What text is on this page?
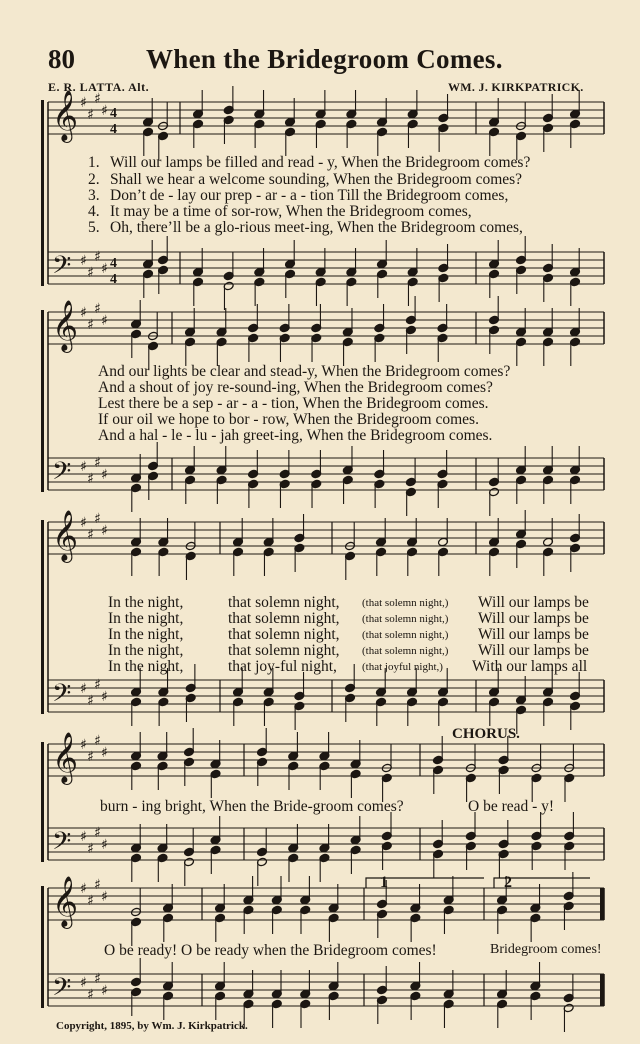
𝄞
𝄢
♯
♯
♯
♯
♯
♯
♯
♯
4
4
4
4
𝄞
𝄢
♯
♯
♯
♯
♯
♯
♯
♯
𝄞
𝄢
♯
♯
♯
♯
♯
♯
♯
♯
𝄞
𝄢
♯
♯
♯
♯
♯
♯
♯
♯
𝄞
𝄢
♯
♯
♯
♯
♯
♯
♯
♯
80	When the Bridegroom Comes.
E. R. LATTA. Alt.	WM. J. KIRKPATRICK.
1. Will our lamps be filled and read - y, When the Bridegroom comes?
2. Shall we hear a welcome sounding, When the Bridegroom comes?
3. Don’t de - lay our prep - ar - a - tion Till the Bridegroom comes,
4. It may be a time of sor-row, When the Bridegroom comes,
5. Oh, there’ll be a glo-rious meet-ing, When the Bridegroom comes,
And our lights be clear and stead-y, When the Bridegroom comes?
And a shout of joy re-sound-ing, When the Bridegroom comes?
Lest there be a sep - ar - a - tion, When the Bridegroom comes.
If our oil we hope to bor - row, When the Bridegroom comes.
And a hal - le - lu - jah greet-ing, When the Bridegroom comes.
In the night,	that solemn night, (that solemn night,) Will our lamps be
In the night,	that solemn night, (that solemn night,) Will our lamps be
In the night,	that solemn night, (that solemn night,) Will our lamps be
In the night,	that solemn night, (that solemn night,) Will our lamps be
In the night,	that joy-ful night, (that joyful night,) With our lamps all
CHORUS.
burn - ing bright, When the Bride-groom comes?	O be read - y!
1	2
O be ready! O be ready when the Bridegroom comes!	Bridegroom comes!
Copyright, 1895, by Wm. J. Kirkpatrick.
